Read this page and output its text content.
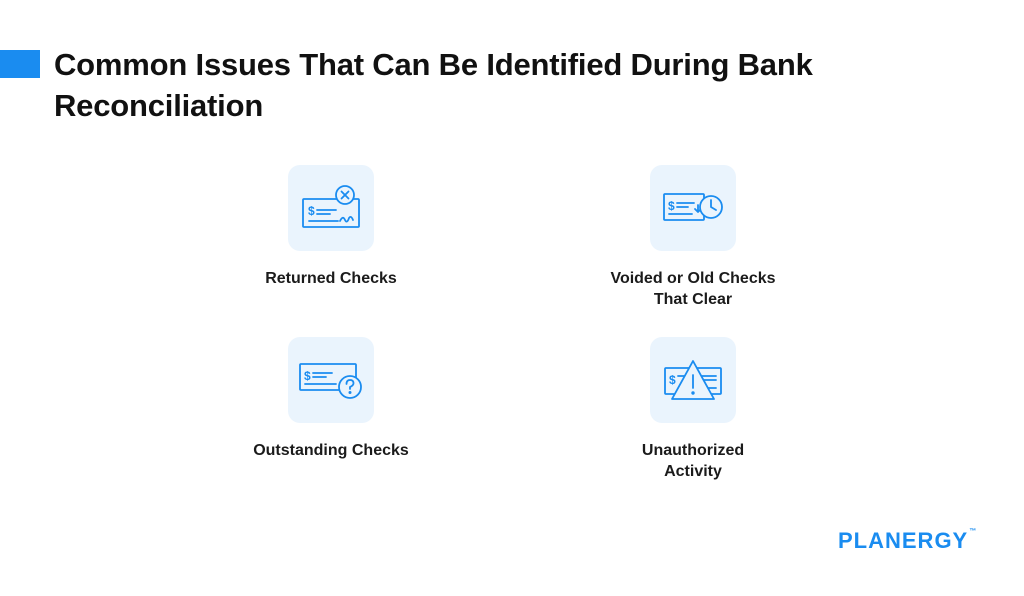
Common Issues That Can Be Identified During Bank Reconciliation
$
Returned Checks
$
Voided or Old Checks
That Clear
$
Outstanding Checks
$
Unauthorized
Activity
PLANERGY™
